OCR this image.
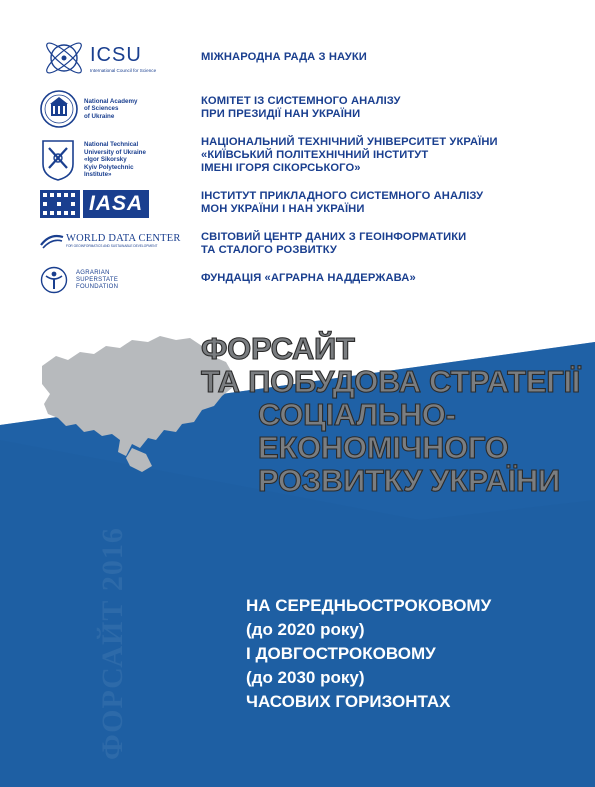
ФОРСАЙТ 2016
ICSU
International Council for Science
National Academy
of Sciences
of Ukraine
National Technical
University of Ukraine
«Igor Sikorsky
Kyiv Polytechnic
Institute»
IASA
WORLD DATA CENTER
FOR GEOINFORMATICS AND SUSTAINABLE DEVELOPMENT
AGRARIAN
SUPERSTATE
FOUNDATION
МІЖНАРОДНА РАДА З НАУКИ
КОМІТЕТ ІЗ СИСТЕМНОГО АНАЛІЗУ
ПРИ ПРЕЗИДІЇ НАН УКРАЇНИ
НАЦІОНАЛЬНИЙ ТЕХНІЧНИЙ УНІВЕРСИТЕТ УКРАЇНИ
«КИЇВСЬКИЙ ПОЛІТЕХНІЧНИЙ ІНСТИТУТ
ІМЕНІ ІГОРЯ СІКОРСЬКОГО»
ІНСТИТУТ ПРИКЛАДНОГО СИСТЕМНОГО АНАЛІЗУ
МОН УКРАЇНИ І НАН УКРАЇНИ
СВІТОВИЙ ЦЕНТР ДАНИХ З ГЕОІНФОРМАТИКИ
ТА СТАЛОГО РОЗВИТКУ
ФУНДАЦІЯ «АГРАРНА НАДДЕРЖАВА»
ФОРСАЙТ
ТА ПОБУДОВА СТРАТЕГІЇ
СОЦІАЛЬНО-
ЕКОНОМІЧНОГО
РОЗВИТКУ УКРАЇНИ
НА СЕРЕДНЬОСТРОКОВОМУ
(до 2020 року)
І ДОВГОСТРОКОВОМУ
(до 2030 року)
ЧАСОВИХ ГОРИЗОНТАХ
